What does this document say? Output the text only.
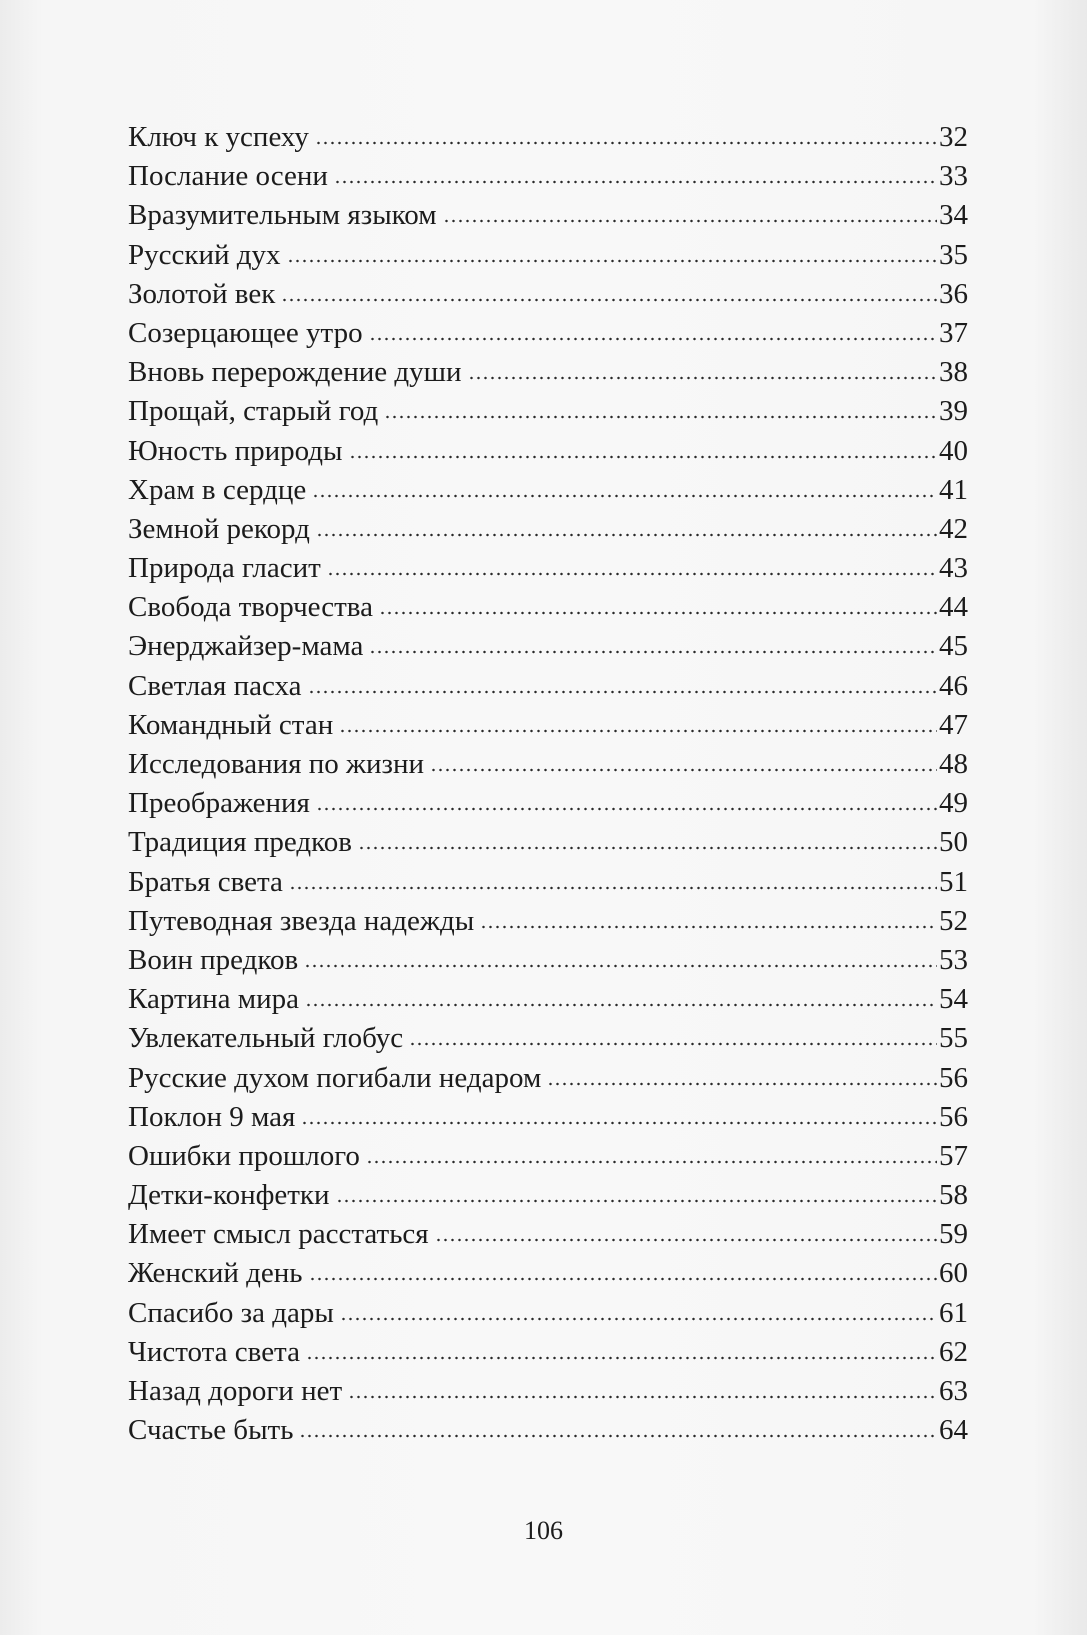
Ключ к успеху	32
Послание осени	33
Вразумительным языком	34
Русский дух	35
Золотой век	36
Созерцающее утро	37
Вновь перерождение души	38
Прощай, старый год	39
Юность природы	40
Храм в сердце	41
Земной рекорд	42
Природа гласит	43
Свобода творчества	44
Энерджайзер-мама	45
Светлая пасха	46
Командный стан	47
Исследования по жизни	48
Преображения	49
Традиция предков	50
Братья света	51
Путеводная звезда надежды	52
Воин предков	53
Картина мира	54
Увлекательный глобус	55
Русские духом погибали недаром	56
Поклон 9 мая	56
Ошибки прошлого	57
Детки-конфетки	58
Имеет смысл расстаться	59
Женский день	60
Спасибо за дары	61
Чистота света	62
Назад дороги нет	63
Счастье быть	64
106
